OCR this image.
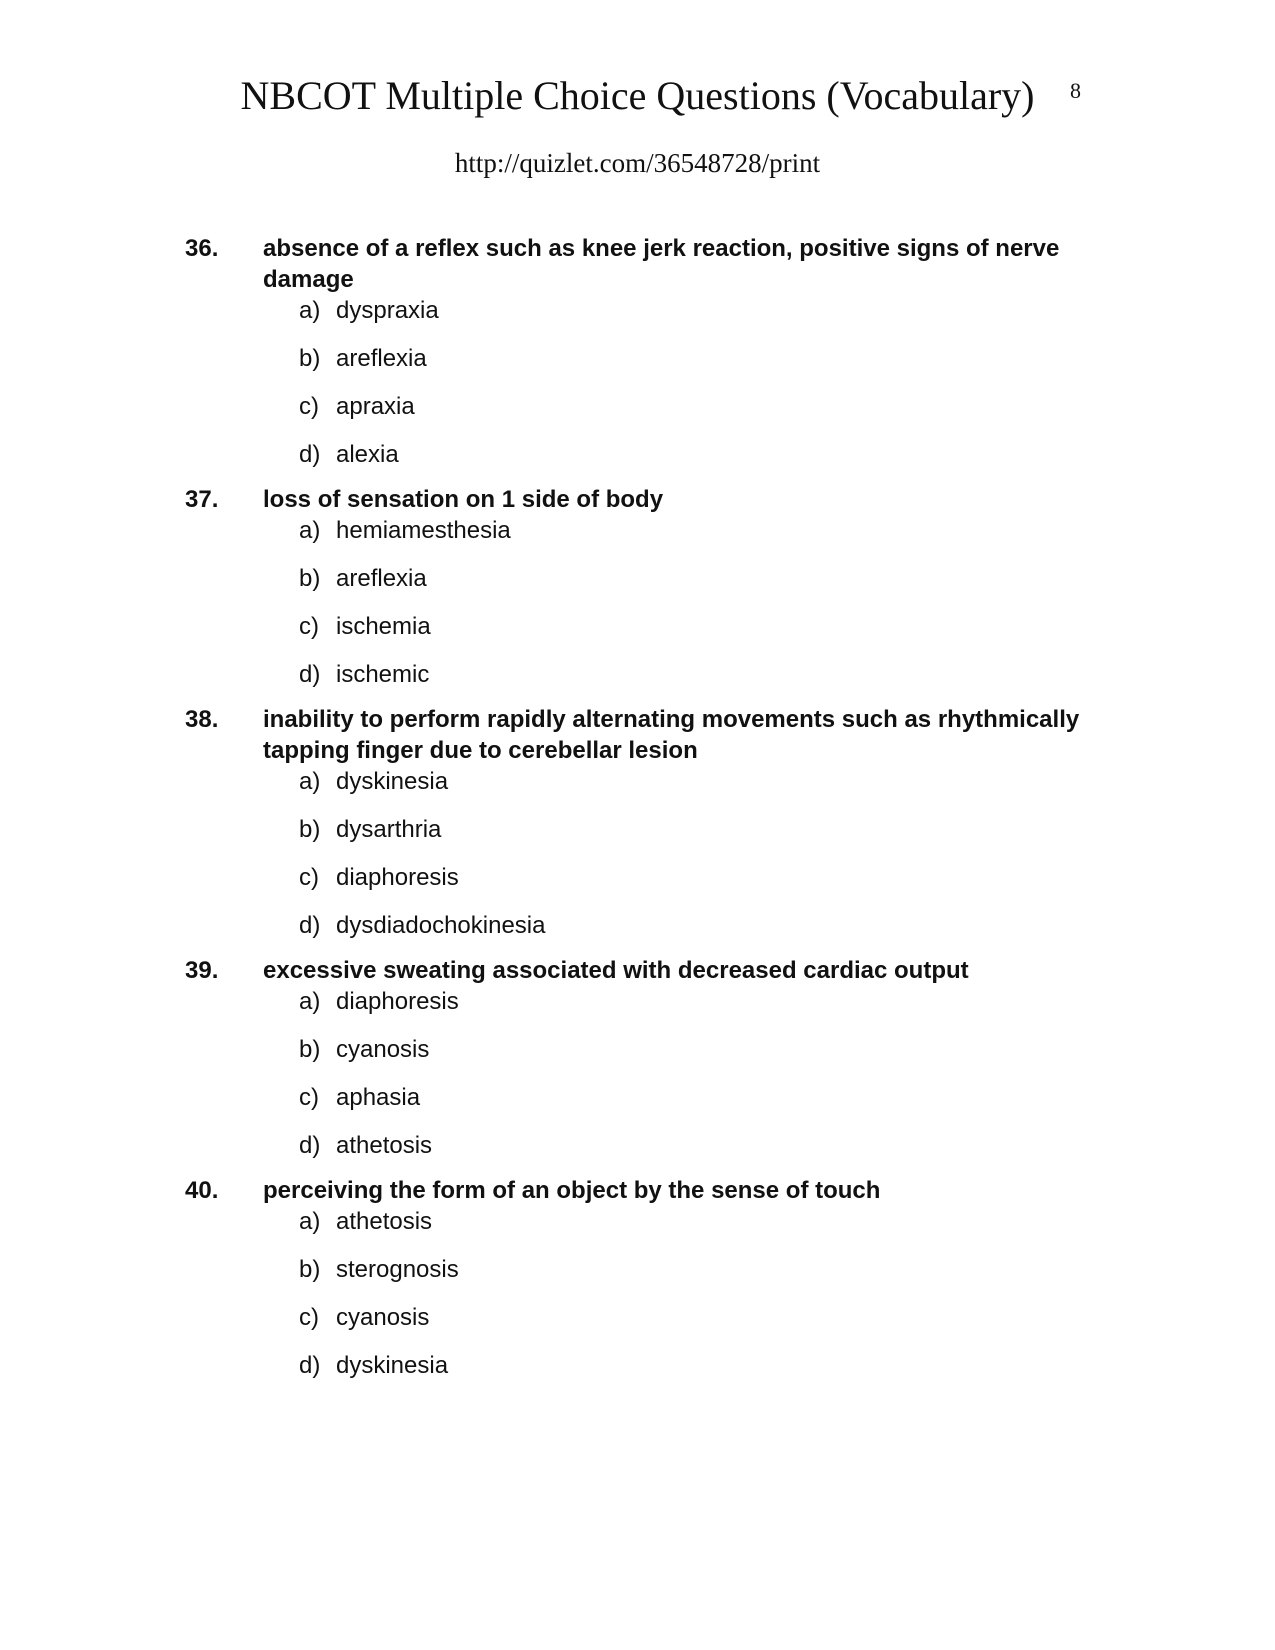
NBCOT Multiple Choice Questions (Vocabulary)	8
http://quizlet.com/36548728/print
36.	absence of a reflex such as knee jerk reaction, positive signs of nerve damage
a) dyspraxia
b) areflexia
c) apraxia
d) alexia
37.	loss of sensation on 1 side of body
a) hemiamesthesia
b) areflexia
c) ischemia
d) ischemic
38.	inability to perform rapidly alternating movements such as rhythmically tapping finger due to cerebellar lesion
a) dyskinesia
b) dysarthria
c) diaphoresis
d) dysdiadochokinesia
39.	excessive sweating associated with decreased cardiac output
a) diaphoresis
b) cyanosis
c) aphasia
d) athetosis
40.	perceiving the form of an object by the sense of touch
a) athetosis
b) sterognosis
c) cyanosis
d) dyskinesia
